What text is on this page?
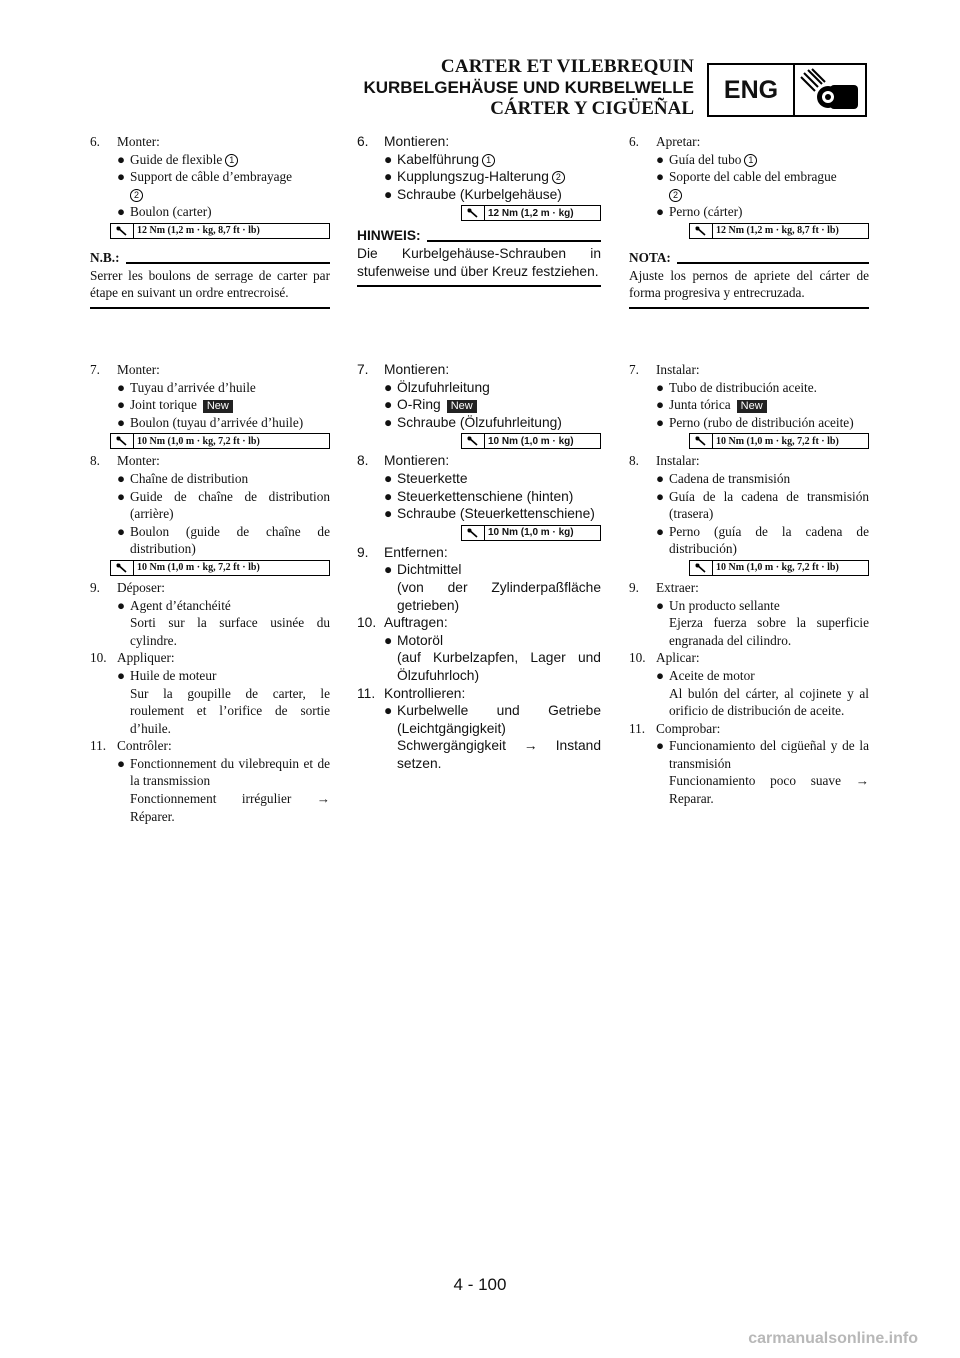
CARTER ET VILEBREQUIN
KURBELGEHÄUSE UND KURBELWELLE
CÁRTER Y CIGÜEÑAL
ENG
6.	Monter:
● Guide de flexible 1
● Support de câble d’embrayage
2
● Boulon (carter)
12 Nm (1,2 m · kg, 8,7 ft · lb)
N.B.:
Serrer les boulons de serrage de carter par étape en suivant un ordre entrecroisé.
7.	Monter:
● Tuyau d’arrivée d’huile
● Joint torique New
● Boulon (tuyau d’arrivée d’huile)
10 Nm (1,0 m · kg, 7,2 ft · lb)
8.	Monter:
● Chaîne de distribution
● Guide de chaîne de distribution (arrière)
● Boulon (guide de chaîne de distribution)
10 Nm (1,0 m · kg, 7,2 ft · lb)
9.	Déposer:
● Agent d’étanchéité
Sorti sur la surface usinée du cylindre.
10. Appliquer:
● Huile de moteur
Sur la goupille de carter, le roulement et l’orifice de sortie d’huile.
11. Contrôler:
● Fonctionnement du vilebrequin et de la transmission
Fonctionnement irrégulier → Réparer.
6.	Montieren:
● Kabelführung 1
● Kupplungszug-Halterung 2
● Schraube (Kurbelgehäuse)
12 Nm (1,2 m · kg)
HINWEIS:
Die Kurbelgehäuse-Schrauben in stufenweise und über Kreuz festziehen.
7.	Montieren:
● Ölzufuhrleitung
● O-Ring New
● Schraube (Ölzufuhrleitung)
10 Nm (1,0 m · kg)
8.	Montieren:
● Steuerkette
● Steuerkettenschiene (hinten)
● Schraube (Steuerkettenschiene)
10 Nm (1,0 m · kg)
9.	Entfernen:
● Dichtmittel
(von der Zylinderpaßfläche getrieben)
10. Auftragen:
● Motoröl
(auf Kurbelzapfen, Lager und Ölzufuhrloch)
11. Kontrollieren:
● Kurbelwelle und Getriebe (Leichtgängigkeit)
Schwergängigkeit → Instand setzen.
6.	Apretar:
● Guía del tubo 1
● Soporte del cable del embrague
2
● Perno (cárter)
12 Nm (1,2 m · kg, 8,7 ft · lb)
NOTA:
Ajuste los pernos de apriete del cárter de forma progresiva y entrecruzada.
7.	Instalar:
● Tubo de distribución aceite.
● Junta tórica New
● Perno (rubo de distribución aceite)
10 Nm (1,0 m · kg, 7,2 ft · lb)
8.	Instalar:
● Cadena de transmisión
● Guía de la cadena de transmisión (trasera)
● Perno (guía de la cadena de distribución)
10 Nm (1,0 m · kg, 7,2 ft · lb)
9.	Extraer:
● Un producto sellante
Ejerza fuerza sobre la superficie engranada del cilindro.
10. Aplicar:
● Aceite de motor
Al bulón del cárter, al cojinete y al orificio de distribución de aceite.
11. Comprobar:
● Funcionamiento del cigüeñal y de la transmisión
Funcionamiento poco suave → Reparar.
4 - 100
carmanualsonline.info
